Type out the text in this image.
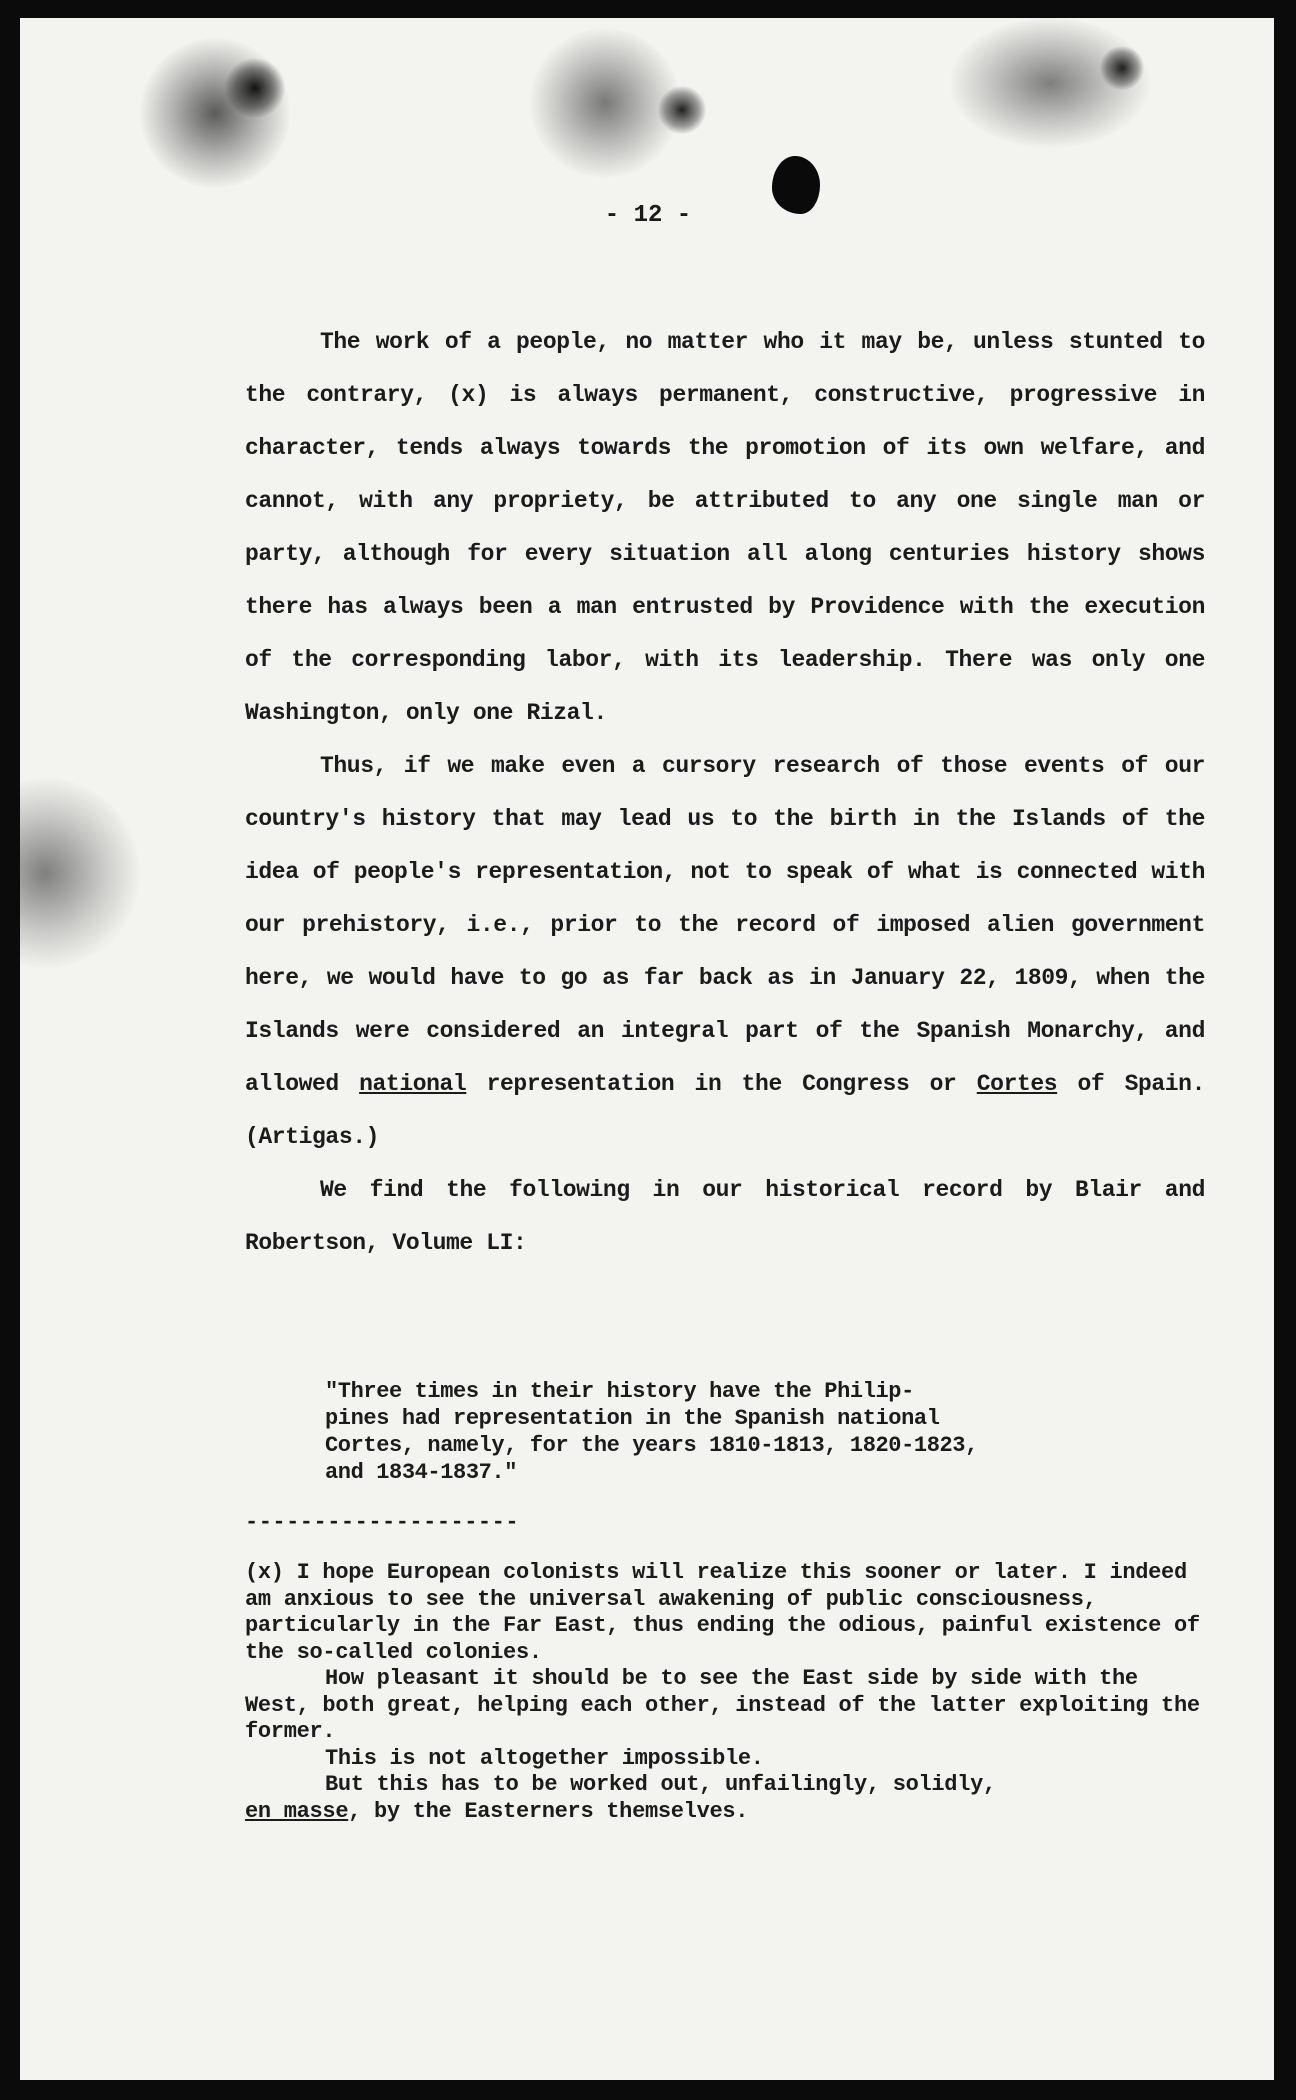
- 12 -

The work of a people, no matter who it may be, unless stunted to the contrary, (x) is always permanent, constructive, progressive in character, tends always towards the promotion of its own welfare, and cannot, with any propriety, be attributed to any one single man or party, although for every situation all along centuries history shows there has always been a man entrusted by Providence with the execution of the corresponding labor, with its leadership. There was only one Washington, only one Rizal.

Thus, if we make even a cursory research of those events of our country's history that may lead us to the birth in the Islands of the idea of people's representation, not to speak of what is connected with our prehistory, i.e., prior to the record of imposed alien government here, we would have to go as far back as in January 22, 1809, when the Islands were considered an integral part of the Spanish Monarchy, and allowed national representation in the Congress or Cortes of Spain. (Artigas.)

We find the following in our historical record by Blair and Robertson, Volume LI:

"Three times in their history have the Philip-
pines had representation in the Spanish national
Cortes, namely, for the years 1810-1813, 1820-1823,
and 1834-1837."
--------------------

(x) I hope European colonists will realize this sooner or later. I indeed am anxious to see the universal awakening of public consciousness, particularly in the Far East, thus ending the odious, painful existence of the so-called colonies.

How pleasant it should be to see the East side by side with the West, both great, helping each other, instead of the latter exploiting the former.

This is not altogether impossible.

But this has to be worked out, unfailingly, solidly,
en masse, by the Easterners themselves.
